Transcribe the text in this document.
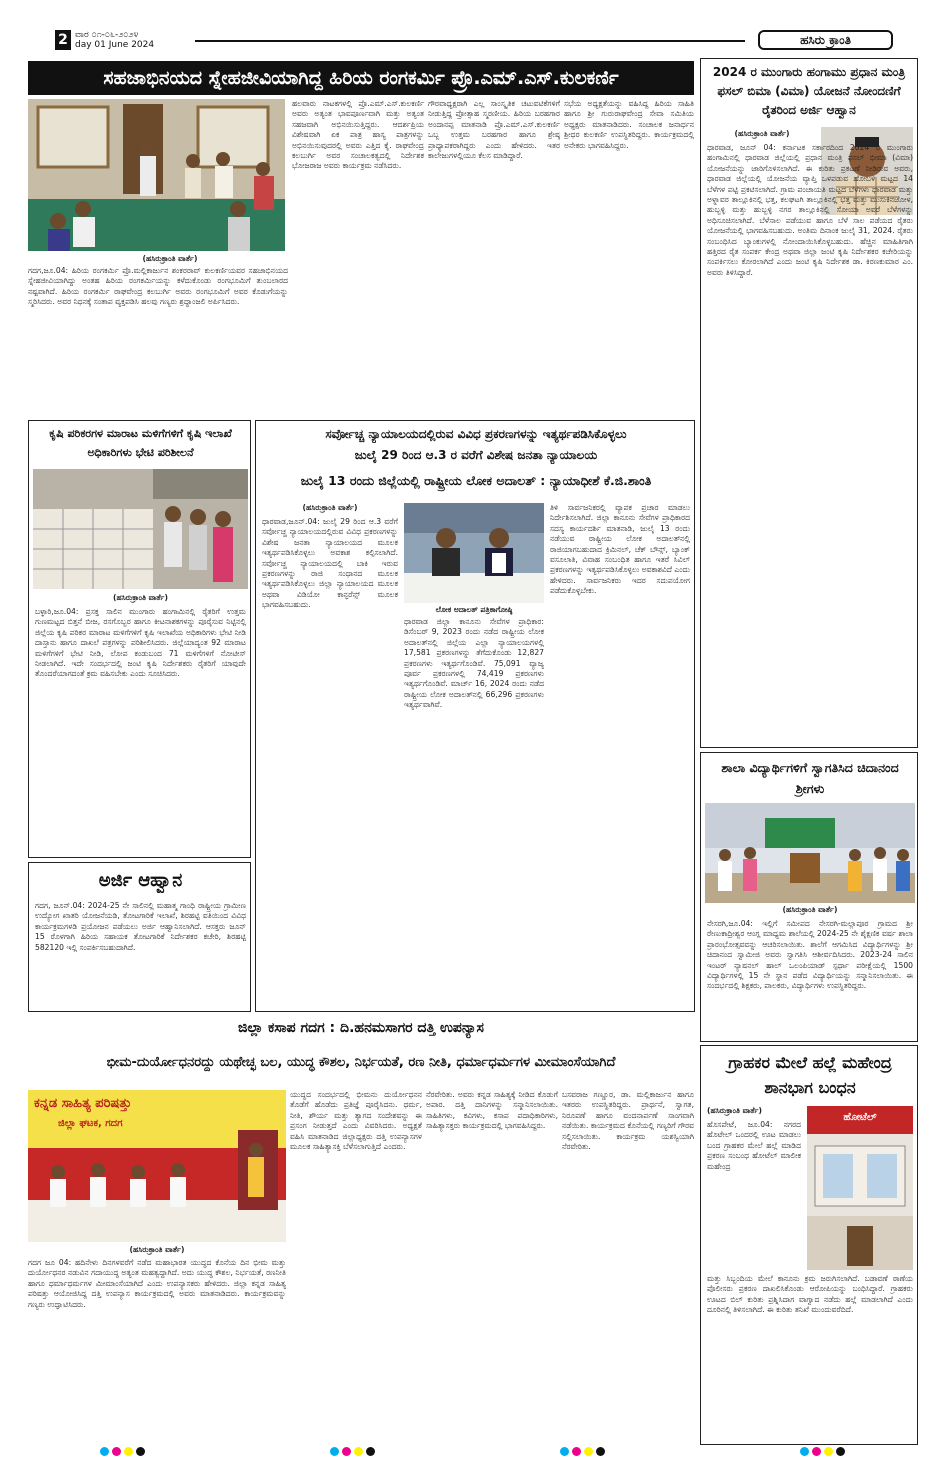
2 ವಾರ ೦೧-೦೬-೨೦೨೪
day 01 June 2024	ಹಸಿರು ಕ್ರಾಂತಿ
ಸಹಜಾಭಿನಯದ ಸ್ನೇಹಜೀವಿಯಾಗಿದ್ದ ಹಿರಿಯ ರಂಗಕರ್ಮಿ ಪ್ರೊ.ಎಮ್.ಎಸ್.ಕುಲಕರ್ಣಿ
(ಹಸಿರುಕ್ರಾಂತಿ ವಾರ್ತೆ)
ಗದಗ,ಜೂ.04: ಹಿರಿಯ ರಂಗಕರ್ಮಿ ಪ್ರೊ.ಮಲ್ಲಿಕಾರ್ಜುನ ಶಂಕರರಾವ್ ಕುಲಕರ್ಣಿಯವರ ಸಹಜಾಭಿನಯದ ಸ್ನೇಹಜೀವಿಯಾಗಿದ್ದು ಅಂತಹ ಹಿರಿಯ ರಂಗಕರ್ಮಿಯನ್ನು ಕಳೆದುಕೊಂಡು ರಂಗಭೂಮಿಗೆ ತುಂಬಲಾರದ ನಷ್ಟವಾಗಿದೆ. ಹಿರಿಯ ರಂಗಕರ್ಮಿ ರಾಘವೇಂದ್ರ ಕಲಬುರ್ಗಿ ಅವರು ರಂಗಭೂಮಿಗೆ ಅವರ ಕೊಡುಗೆಯನ್ನು ಸ್ಮರಿಸಿದರು. ಅವರ ನಿಧನಕ್ಕೆ ಸಂತಾಪ ವ್ಯಕ್ತಪಡಿಸಿ ಹಲವು ಗಣ್ಯರು ಶ್ರದ್ಧಾಂಜಲಿ ಅರ್ಪಿಸಿದರು.
ಹಲವಾರು ನಾಟಕಗಳಲ್ಲಿ ಪ್ರೊ.ಎಮ್.ಎಸ್.ಕುಲಕರ್ಣಿ ಅವರು ಅತ್ಯಂತ ಭಾವಪೂರ್ಣವಾಗಿ ಮತ್ತು ಅತ್ಯಂತ ಸಹಜವಾಗಿ ಅಭಿನಯಿಸುತ್ತಿದ್ದರು. ಆದರ್ಶಪ್ರಿಯ ವಿಶೇಷವಾಗಿ ಏಕ ಪಾತ್ರ ಹಾಸ್ಯ ಪಾತ್ರಗಳನ್ನು ಅಭಿನಯಿಸುವುದರಲ್ಲಿ ಅವರು ಎತ್ತಿದ ಕೈ. ರಾಘವೇಂದ್ರ ಕಲಬುರ್ಗಿ ಅವರ ಸಂಚಾಲಕತ್ವದಲ್ಲಿ ನಿರ್ದೇಶಕ ಭೋಜರಾಜ ಅವರು ಕಾರ್ಯಕ್ರಮ ನಡೆಸಿದರು.
ಗೌರವಾಧ್ಯಕ್ಷರಾಗಿ ಎಲ್ಲ ಸಾಂಸ್ಕೃತಿಕ ಚಟುವಟಿಕೆಗಳಿಗೆ ನೀಡುತ್ತಿದ್ದ ಪ್ರೋತ್ಸಾಹ ಸ್ಮರಣೀಯ. ಹಿರಿಯ ಬರಹಗಾರ ಅಂದಾನಪ್ಪ ಮಾತನಾಡಿ ಪ್ರೊ.ಎಮ್.ಎಸ್.ಕುಲಕರ್ಣಿ ಒಬ್ಬ ಉತ್ತಮ ಬರಹಗಾರ ಹಾಗೂ ಶ್ರೇಷ್ಠ ಪ್ರಾಧ್ಯಾಪಕರಾಗಿದ್ದರು ಎಂದು ಹೇಳಿದರು. ಇತರ ಕಾಲೇಜುಗಳಲ್ಲಿಯೂ ಕೆಲಸ ಮಾಡಿದ್ದಾರೆ.
ಸಭೆಯ ಅಧ್ಯಕ್ಷತೆಯನ್ನು ವಹಿಸಿದ್ದ ಹಿರಿಯ ಸಾಹಿತಿ ಹಾಗೂ ಶ್ರೀ ಗುರುರಾಘವೇಂದ್ರ ಸೇವಾ ಸಮಿತಿಯ ಅಧ್ಯಕ್ಷರು ಮಾತನಾಡಿದರು. ಸಂಚಾಲಕ ಜನಾರ್ಧನ ಶ್ರೀಧರ ಕುಲಕರ್ಣಿ ಉಪಸ್ಥಿತರಿದ್ದರು. ಕಾರ್ಯಕ್ರಮದಲ್ಲಿ ಅನೇಕರು ಭಾಗವಹಿಸಿದ್ದರು.
2024 ರ ಮುಂಗಾರು ಹಂಗಾಮು ಪ್ರಧಾನ ಮಂತ್ರಿ ಫಸಲ್ ಬಿಮಾ (ವಿಮಾ) ಯೋಜನೆ ನೋಂದಣಿಗೆ ರೈತರಿಂದ ಅರ್ಜಿ ಆಹ್ವಾನ
(ಹಸಿರುಕ್ರಾಂತಿ ವಾರ್ತೆ)
ಧಾರವಾಡ, ಜೂನ್ 04: ಕರ್ನಾಟಕ ಸರ್ಕಾರದಿಂದ 2024 ರ ಮುಂಗಾರು ಹಂಗಾಮಿನಲ್ಲಿ ಧಾರವಾಡ ಜಿಲ್ಲೆಯಲ್ಲಿ ಪ್ರಧಾನ ಮಂತ್ರಿ ಫಸಲ್ ಭೀಮಾ (ವಿಮಾ) ಯೋಜನೆಯನ್ನು ಜಾರಿಗೊಳಿಸಲಾಗಿದೆ. ಈ ಕುರಿತು ಪ್ರಕಟಣೆ ನೀಡಿರುವ ಅವರು, ಧಾರವಾಡ ಜಿಲ್ಲೆಯಲ್ಲಿ ಯೋಜನೆಯ ವ್ಯಾಪ್ತಿ ಒಳಪಡುವ ಹೋಬಳಿ ಮಟ್ಟದ 14 ಬೆಳೆಗಳ ಪಟ್ಟಿ ಪ್ರಕಟಿಸಲಾಗಿದೆ. ಗ್ರಾಮ ಪಂಚಾಯತಿ ಮಟ್ಟದ ಬೆಳೆಗಳು ಧಾರವಾಡ ಮತ್ತು ಅಳ್ನಾವರ ತಾಲ್ಲೂಕಿನಲ್ಲಿ ಭತ್ತ, ಕಲಘಟಗಿ ತಾಲ್ಲೂಕಿನಲ್ಲಿ ಭತ್ತ ಮತ್ತು ಮುಸುಕಿನಜೋಳ, ಹುಬ್ಬಳ್ಳಿ ಮತ್ತು ಹುಬ್ಬಳ್ಳಿ ನಗರ ತಾಲ್ಲೂಕಿನಲ್ಲಿ ಸೋಯಾ ಅವರೆ ಬೆಳೆಗಳನ್ನು ಅಧಿಸೂಚಿಸಲಾಗಿದೆ. ಬೆಳೆಸಾಲ ಪಡೆಯುವ ಹಾಗೂ ಬೆಳೆ ಸಾಲ ಪಡೆಯದ ರೈತರು ಯೋಜನೆಯಲ್ಲಿ ಭಾಗವಹಿಸಬಹುದು. ಅಂತಿಮ ದಿನಾಂಕ ಜುಲೈ 31, 2024. ರೈತರು ಸಂಬಂಧಿಸಿದ ಬ್ಯಾಂಕುಗಳಲ್ಲಿ ನೋಂದಾಯಿಸಿಕೊಳ್ಳಬಹುದು. ಹೆಚ್ಚಿನ ಮಾಹಿತಿಗಾಗಿ ಹತ್ತಿರದ ರೈತ ಸಂಪರ್ಕ ಕೇಂದ್ರ ಅಥವಾ ಜಿಲ್ಲಾ ಜಂಟಿ ಕೃಷಿ ನಿರ್ದೇಶಕರ ಕಚೇರಿಯನ್ನು ಸಂಪರ್ಕಿಸಲು ಕೋರಲಾಗಿದೆ ಎಂದು ಜಂಟಿ ಕೃಷಿ ನಿರ್ದೇಶಕ ಡಾ. ಕಿರಣಕುಮಾರ ಎಂ. ಅವರು ತಿಳಿಸಿದ್ದಾರೆ.
ಕೃಷಿ ಪರಿಕರಗಳ ಮಾರಾಟ ಮಳಿಗೆಗಳಿಗೆ ಕೃಷಿ ಇಲಾಖೆ ಅಧಿಕಾರಿಗಳು ಭೇಟಿ ಪರಿಶೀಲನೆ
(ಹಸಿರುಕ್ರಾಂತಿ ವಾರ್ತೆ)
ಬಳ್ಳಾರಿ,ಜೂ.04: ಪ್ರಸಕ್ತ ಸಾಲಿನ ಮುಂಗಾರು ಹಂಗಾಮಿನಲ್ಲಿ ರೈತರಿಗೆ ಉತ್ತಮ ಗುಣಮಟ್ಟದ ಬಿತ್ತನೆ ಬೀಜ, ರಸಗೊಬ್ಬರ ಹಾಗೂ ಕೀಟನಾಶಕಗಳನ್ನು ಪೂರೈಸುವ ನಿಟ್ಟಿನಲ್ಲಿ ಜಿಲ್ಲೆಯ ಕೃಷಿ ಪರಿಕರ ಮಾರಾಟ ಮಳಿಗೆಗಳಿಗೆ ಕೃಷಿ ಇಲಾಖೆಯ ಅಧಿಕಾರಿಗಳು ಭೇಟಿ ನೀಡಿ ದಾಸ್ತಾನು ಹಾಗೂ ದಾಖಲೆ ಪತ್ರಗಳನ್ನು ಪರಿಶೀಲಿಸಿದರು. ಜಿಲ್ಲೆಯಾದ್ಯಂತ 92 ಮಾರಾಟ ಮಳಿಗೆಗಳಿಗೆ ಭೇಟಿ ನೀಡಿ, ಲೋಪ ಕಂಡುಬಂದ 71 ಮಳಿಗೆಗಳಿಗೆ ನೋಟೀಸ್ ನೀಡಲಾಗಿದೆ. ಇದೇ ಸಂದರ್ಭದಲ್ಲಿ ಜಂಟಿ ಕೃಷಿ ನಿರ್ದೇಶಕರು ರೈತರಿಗೆ ಯಾವುದೇ ತೊಂದರೆಯಾಗದಂತೆ ಕ್ರಮ ವಹಿಸಬೇಕು ಎಂದು ಸೂಚಿಸಿದರು.
ಅರ್ಜಿ ಆಹ್ವಾನ
ಗದಗ, ಜೂನ್.04: 2024-25 ನೇ ಸಾಲಿನಲ್ಲಿ ಮಹಾತ್ಮ ಗಾಂಧಿ ರಾಷ್ಟ್ರೀಯ ಗ್ರಾಮೀಣ ಉದ್ಯೋಗ ಖಾತರಿ ಯೋಜನೆಯಡಿ, ತೋಟಗಾರಿಕೆ ಇಲಾಖೆ, ಶಿರಹಟ್ಟಿ ವತಿಯಿಂದ ವಿವಿಧ ಕಾರ್ಯಕ್ರಮಗಳಡಿ ಪ್ರಯೋಜನ ಪಡೆಯಲು ಅರ್ಜಿ ಆಹ್ವಾನಿಸಲಾಗಿದೆ. ಆಸಕ್ತರು ಜೂನ್ 15 ರೊಳಗಾಗಿ ಹಿರಿಯ ಸಹಾಯಕ ತೋಟಗಾರಿಕೆ ನಿರ್ದೇಶಕರ ಕಚೇರಿ, ಶಿರಹಟ್ಟಿ 582120 ಇಲ್ಲಿ ಸಂಪರ್ಕಿಸಬಹುದಾಗಿದೆ.
ಸರ್ವೋಚ್ಚ ನ್ಯಾಯಾಲಯದಲ್ಲಿರುವ ವಿವಿಧ ಪ್ರಕರಣಗಳನ್ನು ಇತ್ಯರ್ಥಪಡಿಸಿಕೊಳ್ಳಲು
ಜುಲೈ 29 ರಿಂದ ಆ.3 ರ ವರೆಗೆ ವಿಶೇಷ ಜನತಾ ನ್ಯಾಯಾಲಯ
ಜುಲೈ 13 ರಂದು ಜಿಲ್ಲೆಯಲ್ಲಿ ರಾಷ್ಟ್ರೀಯ ಲೋಕ ಅದಾಲತ್ : ನ್ಯಾಯಾಧೀಶೆ ಕೆ.ಜಿ.ಶಾಂತಿ
(ಹಸಿರುಕ್ರಾಂತಿ ವಾರ್ತೆ)
ಧಾರವಾಡ,ಜೂನ್.04: ಜುಲೈ 29 ರಿಂದ ಆ.3 ವರೆಗೆ ಸರ್ವೋಚ್ಚ ನ್ಯಾಯಾಲಯದಲ್ಲಿರುವ ವಿವಿಧ ಪ್ರಕರಣಗಳನ್ನು ವಿಶೇಷ ಜನತಾ ನ್ಯಾಯಾಲಯದ ಮೂಲಕ ಇತ್ಯರ್ಥಪಡಿಸಿಕೊಳ್ಳಲು ಅವಕಾಶ ಕಲ್ಪಿಸಲಾಗಿದೆ. ಸರ್ವೋಚ್ಚ ನ್ಯಾಯಾಲಯದಲ್ಲಿ ಬಾಕಿ ಇರುವ ಪ್ರಕರಣಗಳನ್ನು ರಾಜಿ ಸಂಧಾನದ ಮೂಲಕ ಇತ್ಯರ್ಥಪಡಿಸಿಕೊಳ್ಳಲು ಜಿಲ್ಲಾ ನ್ಯಾಯಾಲಯದ ಮೂಲಕ ಅಥವಾ ವಿಡಿಯೋ ಕಾನ್ಫರೆನ್ಸ್ ಮೂಲಕ ಭಾಗವಹಿಸಬಹುದು.
ಲೋಕ ಅದಾಲತ್ ಪತ್ರಿಕಾಗೋಷ್ಠಿ
ಧಾರವಾಡ ಜಿಲ್ಲಾ ಕಾನೂನು ಸೇವೆಗಳ ಪ್ರಾಧಿಕಾರ: ಡಿಸೆಂಬರ್ 9, 2023 ರಂದು ನಡೆದ ರಾಷ್ಟ್ರೀಯ ಲೋಕ ಅದಾಲತ್‍ನಲ್ಲಿ ಜಿಲ್ಲೆಯ ಎಲ್ಲಾ ನ್ಯಾಯಾಲಯಗಳಲ್ಲಿ 17,581 ಪ್ರಕರಣಗಳನ್ನು ತೆಗೆದುಕೊಂಡು 12,827 ಪ್ರಕರಣಗಳು ಇತ್ಯರ್ಥಗೊಂಡಿವೆ. 75,091 ವ್ಯಾಜ್ಯ ಪೂರ್ವ ಪ್ರಕರಣಗಳಲ್ಲಿ 74,419 ಪ್ರಕರಣಗಳು ಇತ್ಯರ್ಥಗೊಂಡಿವೆ. ಮಾರ್ಚ್ 16, 2024 ರಂದು ನಡೆದ ರಾಷ್ಟ್ರೀಯ ಲೋಕ ಅದಾಲತ್‍ನಲ್ಲಿ 66,296 ಪ್ರಕರಣಗಳು ಇತ್ಯರ್ಥವಾಗಿವೆ.
ತಿಳಿ ಸಾರ್ವಜನಿಕರಲ್ಲಿ ವ್ಯಾಪಕ ಪ್ರಚಾರ ಮಾಡಲು ನಿರ್ದೇಶಿಸಲಾಗಿದೆ. ಜಿಲ್ಲಾ ಕಾನೂನು ಸೇವೆಗಳ ಪ್ರಾಧಿಕಾರದ ಸದಸ್ಯ ಕಾರ್ಯದರ್ಶಿ ಮಾತನಾಡಿ, ಜುಲೈ 13 ರಂದು ನಡೆಯುವ ರಾಷ್ಟ್ರೀಯ ಲೋಕ ಅದಾಲತ್‍ನಲ್ಲಿ ರಾಜಿಯಾಗಬಹುದಾದ ಕ್ರಿಮಿನಲ್, ಚೆಕ್ ಬೌನ್ಸ್, ಬ್ಯಾಂಕ್ ವಸೂಲಾತಿ, ವಿವಾಹ ಸಂಬಂಧಿತ ಹಾಗೂ ಇತರೆ ಸಿವಿಲ್ ಪ್ರಕರಣಗಳನ್ನು ಇತ್ಯರ್ಥಪಡಿಸಿಕೊಳ್ಳಲು ಅವಕಾಶವಿದೆ ಎಂದು ಹೇಳಿದರು. ಸಾರ್ವಜನಿಕರು ಇದರ ಸದುಪಯೋಗ ಪಡೆದುಕೊಳ್ಳಬೇಕು.
ಶಾಲಾ ವಿದ್ಯಾರ್ಥಿಗಳಿಗೆ ಸ್ವಾಗತಿಸಿದ ಚಿದಾನಂದ ಶ್ರೀಗಳು
(ಹಸಿರುಕ್ರಾಂತಿ ವಾರ್ತೆ)
ನೇಸರಗಿ,ಜೂ.04: ಇಲ್ಲಿಗೆ ಸಮೀಪದ ನೇಸರಗಿ-ಮಲ್ಲಾಪೂರ ಗ್ರಾಮದ ಶ್ರೀ ರೇಣುಕಾದ್ರೀಶ್ವರ ಆಂಗ್ಲ ಮಾಧ್ಯಮ ಶಾಲೆಯಲ್ಲಿ 2024-25 ನೇ ಶೈಕ್ಷಣಿಕ ವರ್ಷ ಶಾಲಾ ಪ್ರಾರಂಭೋತ್ಸವವನ್ನು ಆಚರಿಸಲಾಯಿತು. ಶಾಲೆಗೆ ಆಗಮಿಸಿದ ವಿದ್ಯಾರ್ಥಿಗಳನ್ನು ಶ್ರೀ ಚಿದಾನಂದ ಸ್ವಾಮೀಜಿ ಅವರು ಸ್ವಾಗತಿಸಿ ಆಶೀರ್ವದಿಸಿದರು. 2023-24 ಸಾಲಿನ ಇಂಟರ್ ನ್ಯಾಷನಲ್ ಹಾಲ್ ಒಲಂಪಿಯಾಡ್ ಸ್ಪರ್ಧಾ ಪರೀಕ್ಷೆಯಲ್ಲಿ 1500 ವಿದ್ಯಾರ್ಥಿಗಳಲ್ಲಿ 15 ನೇ ಸ್ಥಾನ ಪಡೆದ ವಿದ್ಯಾರ್ಥಿಯನ್ನು ಸನ್ಮಾನಿಸಲಾಯಿತು. ಈ ಸಂದರ್ಭದಲ್ಲಿ ಶಿಕ್ಷಕರು, ಪಾಲಕರು, ವಿದ್ಯಾರ್ಥಿಗಳು ಉಪಸ್ಥಿತರಿದ್ದರು.
ಗ್ರಾಹಕರ ಮೇಲೆ ಹಲ್ಲೆ ಮಹೇಂದ್ರ ಶಾನಭಾಗ ಬಂಧನ
(ಹಸಿರುಕ್ರಾಂತಿ ವಾರ್ತೆ)
ಹೊಸಪೇಟೆ, ಜೂ.04: ನಗರದ ಹೊಟೇಲ್ ಒಂದರಲ್ಲಿ ಊಟ ಮಾಡಲು ಬಂದ ಗ್ರಾಹಕರ ಮೇಲೆ ಹಲ್ಲೆ ಮಾಡಿದ ಪ್ರಕರಣ ಸಂಬಂಧ ಹೋಟೆಲ್ ಮಾಲೀಕ ಮಹೇಂದ್ರ
ಹೋಟೆಲ್
ಮತ್ತು ಸಿಬ್ಬಂದಿಯ ಮೇಲೆ ಕಾನೂನು ಕ್ರಮ ಜರುಗಿಸಲಾಗಿದೆ. ಬಡಾವಣೆ ಠಾಣೆಯ ಪೊಲೀಸರು ಪ್ರಕರಣ ದಾಖಲಿಸಿಕೊಂಡು ಆರೋಪಿಯನ್ನು ಬಂಧಿಸಿದ್ದಾರೆ. ಗ್ರಾಹಕರು ಊಟದ ಬಿಲ್ ಕುರಿತು ಪ್ರಶ್ನಿಸಿದಾಗ ವಾಗ್ವಾದ ನಡೆದು ಹಲ್ಲೆ ಮಾಡಲಾಗಿದೆ ಎಂದು ದೂರಿನಲ್ಲಿ ತಿಳಿಸಲಾಗಿದೆ. ಈ ಕುರಿತು ತನಿಖೆ ಮುಂದುವರೆದಿದೆ.
ಜಿಲ್ಲಾ ಕಸಾಪ ಗದಗ : ದಿ.ಹನಮಸಾಗರ ದತ್ತಿ ಉಪನ್ಯಾಸ
ಭೀಮ-ದುರ್ಯೋಧನರದ್ದು ಯಥೇಚ್ಛ ಬಲ, ಯುದ್ಧ ಕೌಶಲ, ನಿರ್ಭಯತೆ, ರಣ ನೀತಿ, ಧರ್ಮಾಧರ್ಮಗಳ ಮೀಮಾಂಸೆಯಾಗಿದೆ
ಕನ್ನಡ ಸಾಹಿತ್ಯ ಪರಿಷತ್ತು
ಜಿಲ್ಲಾ ಘಟಕ, ಗದಗ
(ಹಸಿರುಕ್ರಾಂತಿ ವಾರ್ತೆ)
ಗದಗ ಜೂ 04: ಹದಿನೇಳು ದಿನಗಳವರೆಗೆ ನಡೆದ ಮಹಾಭಾರತ ಯುದ್ಧದ ಕೊನೆಯ ದಿನ ಭೀಮ ಮತ್ತು ದುರ್ಯೋಧನರ ನಡುವಿನ ಗದಾಯುದ್ಧ ಅತ್ಯಂತ ಮಹತ್ವದ್ದಾಗಿದೆ. ಅದು ಯುದ್ಧ ಕೌಶಲ, ನಿರ್ಭಯತೆ, ರಣನೀತಿ ಹಾಗೂ ಧರ್ಮಾಧರ್ಮಗಳ ಮೀಮಾಂಸೆಯಾಗಿದೆ ಎಂದು ಉಪನ್ಯಾಸಕರು ಹೇಳಿದರು. ಜಿಲ್ಲಾ ಕನ್ನಡ ಸಾಹಿತ್ಯ ಪರಿಷತ್ತು ಆಯೋಜಿಸಿದ್ದ ದತ್ತಿ ಉಪನ್ಯಾಸ ಕಾರ್ಯಕ್ರಮದಲ್ಲಿ ಅವರು ಮಾತನಾಡಿದರು. ಕಾರ್ಯಕ್ರಮವನ್ನು ಗಣ್ಯರು ಉದ್ಘಾಟಿಸಿದರು.
ಯುದ್ಧದ ಸಂದರ್ಭದಲ್ಲಿ ಭೀಮನು ದುರ್ಯೋಧನನ ತೊಡೆಗೆ ಹೊಡೆದು ಪ್ರತಿಜ್ಞೆ ಪೂರೈಸಿದನು. ಧರ್ಮ, ನೀತಿ, ಶೌರ್ಯ ಮತ್ತು ತ್ಯಾಗದ ಸಂದೇಶವನ್ನು ಈ ಪ್ರಸಂಗ ನೀಡುತ್ತದೆ ಎಂದು ವಿವರಿಸಿದರು. ಅಧ್ಯಕ್ಷತೆ ವಹಿಸಿ ಮಾತನಾಡಿದ ಜಿಲ್ಲಾಧ್ಯಕ್ಷರು ದತ್ತಿ ಉಪನ್ಯಾಸಗಳ ಮೂಲಕ ಸಾಹಿತ್ಯಾಸಕ್ತಿ ಬೆಳೆಸಲಾಗುತ್ತಿದೆ ಎಂದರು.
ನೆರವೇರಿತು. ಅವರು ಕನ್ನಡ ಸಾಹಿತ್ಯಕ್ಕೆ ನೀಡಿದ ಕೊಡುಗೆ ಅಪಾರ. ದತ್ತಿ ದಾನಿಗಳನ್ನು ಸನ್ಮಾನಿಸಲಾಯಿತು. ಸಾಹಿತಿಗಳು, ಕವಿಗಳು, ಕಸಾಪ ಪದಾಧಿಕಾರಿಗಳು, ಸಾಹಿತ್ಯಾಸಕ್ತರು ಕಾರ್ಯಕ್ರಮದಲ್ಲಿ ಭಾಗವಹಿಸಿದ್ದರು.
ಬಸವರಾಜ ಗಣ್ಣೂರ, ಡಾ. ಮಲ್ಲಿಕಾರ್ಜುನ ಹಾಗೂ ಇತರರು ಉಪಸ್ಥಿತರಿದ್ದರು. ಪ್ರಾರ್ಥನೆ, ಸ್ವಾಗತ, ನಿರೂಪಣೆ ಹಾಗೂ ವಂದನಾರ್ಪಣೆ ಸಾಂಗವಾಗಿ ನಡೆಯಿತು. ಕಾರ್ಯಕ್ರಮದ ಕೊನೆಯಲ್ಲಿ ಗಣ್ಯರಿಗೆ ಗೌರವ ಸಲ್ಲಿಸಲಾಯಿತು. ಕಾರ್ಯಕ್ರಮ ಯಶಸ್ವಿಯಾಗಿ ನೆರವೇರಿತು.
